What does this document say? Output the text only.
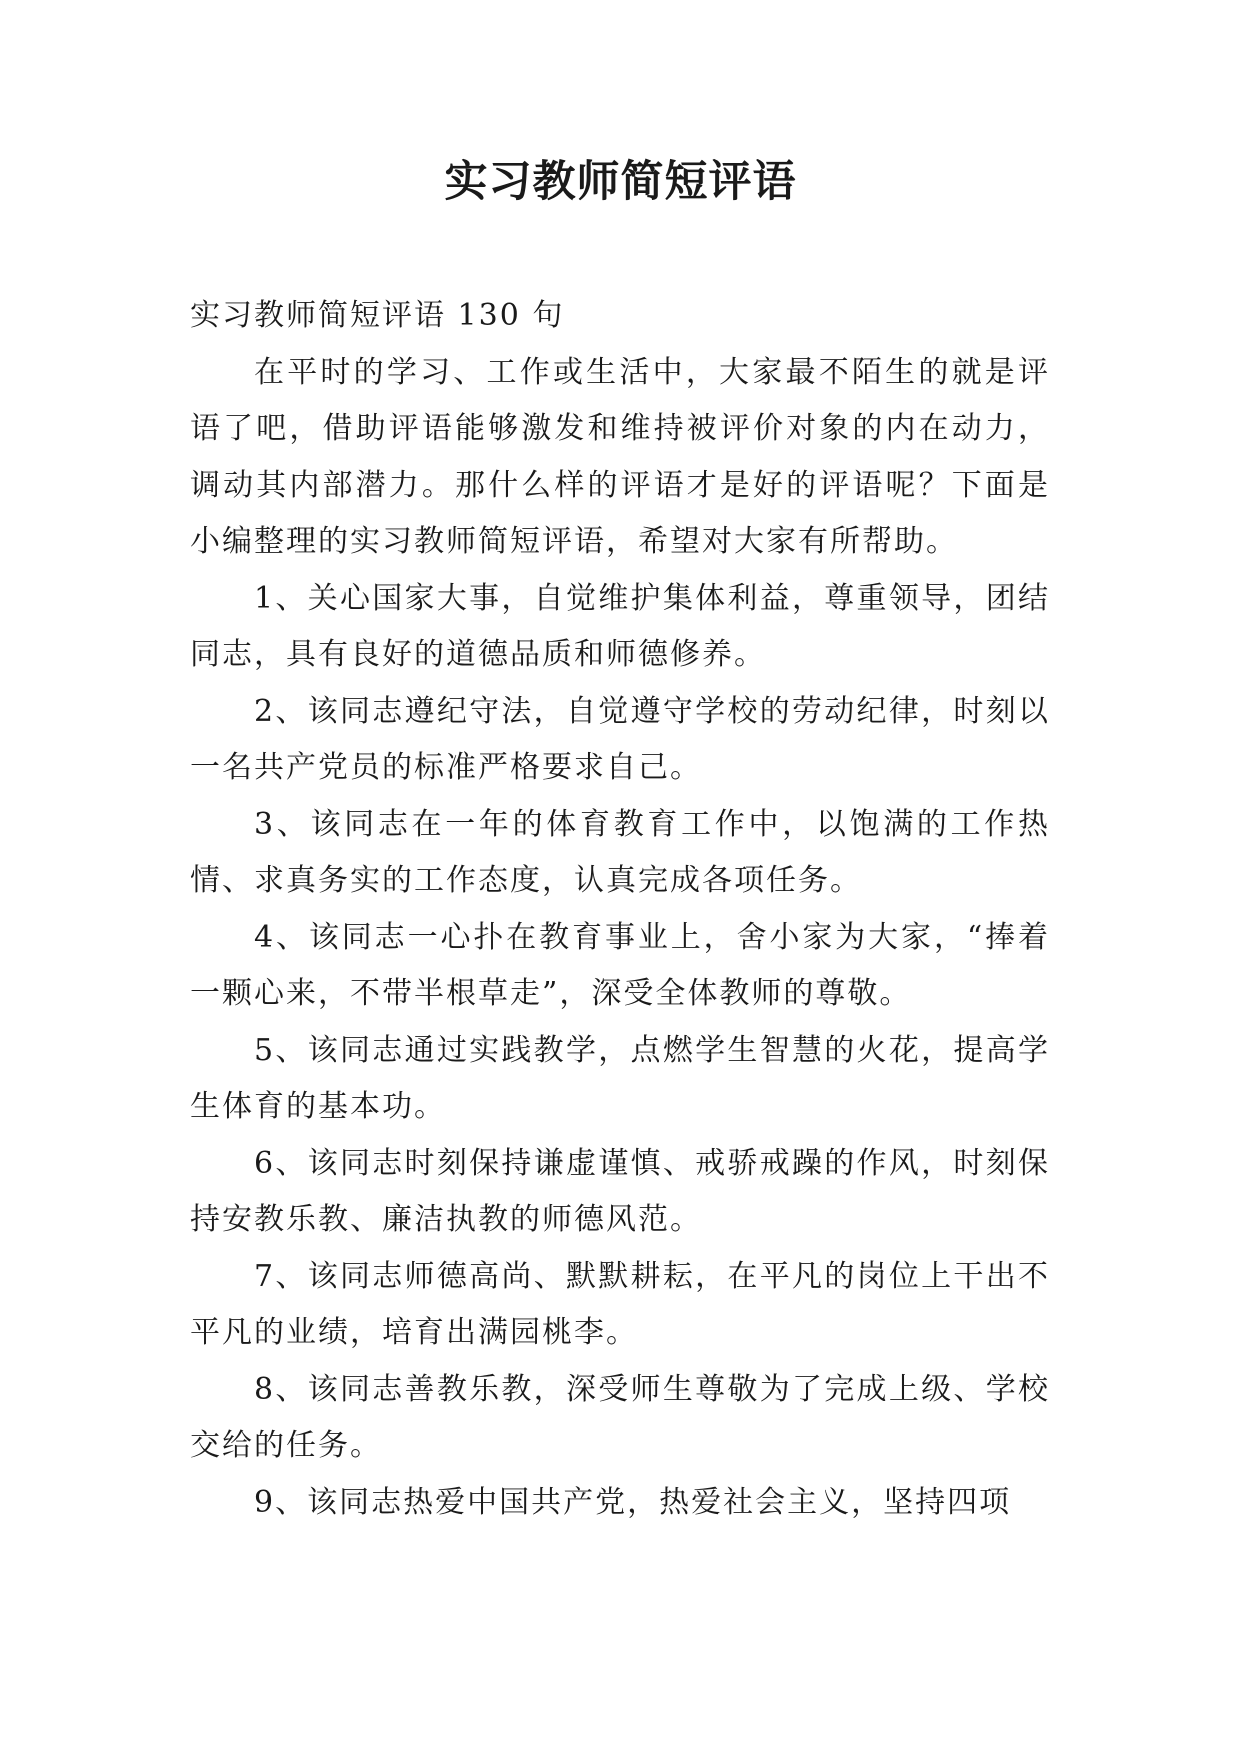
实习教师简短评语

实习教师简短评语 130 句

在平时的学习、工作或生活中，大家最不陌生的就是评语了吧，借助评语能够激发和维持被评价对象的内在动力，调动其内部潜力。那什么样的评语才是好的评语呢？下面是小编整理的实习教师简短评语，希望对大家有所帮助。

1、关心国家大事，自觉维护集体利益，尊重领导，团结同志，具有良好的道德品质和师德修养。

2、该同志遵纪守法，自觉遵守学校的劳动纪律，时刻以一名共产党员的标准严格要求自己。

3、该同志在一年的体育教育工作中，以饱满的工作热情、求真务实的工作态度，认真完成各项任务。

4、该同志一心扑在教育事业上，舍小家为大家，“捧着一颗心来，不带半根草走”，深受全体教师的尊敬。

5、该同志通过实践教学，点燃学生智慧的火花，提高学生体育的基本功。

6、该同志时刻保持谦虚谨慎、戒骄戒躁的作风，时刻保持安教乐教、廉洁执教的师德风范。

7、该同志师德高尚、默默耕耘，在平凡的岗位上干出不平凡的业绩，培育出满园桃李。

8、该同志善教乐教，深受师生尊敬为了完成上级、学校交给的任务。

9、该同志热爱中国共产党，热爱社会主义，坚持四项
